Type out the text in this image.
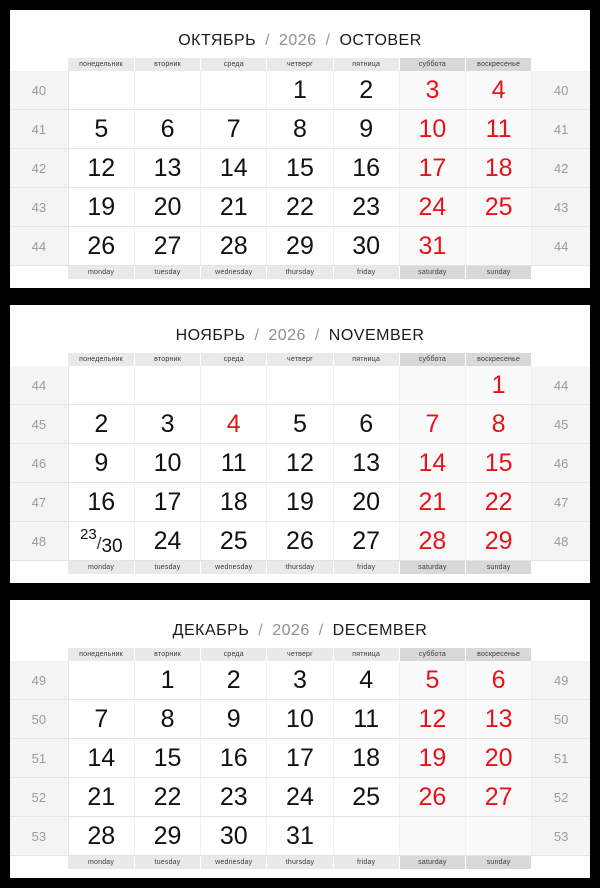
ОКТЯБРЬ / 2026 / OCTOBER
	понедельник	вторник	среда	четверг	пятница	суббота	воскресенье	
40				1	2	3	4	40
41	5	6	7	8	9	10	11	41
42	12	13	14	15	16	17	18	42
43	19	20	21	22	23	24	25	43
44	26	27	28	29	30	31		44
	monday	tuesday	wednesday	thursday	friday	saturday	sunday	
НОЯБРЬ / 2026 / NOVEMBER
	понедельник	вторник	среда	четверг	пятница	суббота	воскресенье	
44							1	44
45	2	3	4	5	6	7	8	45
46	9	10	11	12	13	14	15	46
47	16	17	18	19	20	21	22	47
48	$^{23}$/30	24	25	26	27	28	29	48
	monday	tuesday	wednesday	thursday	friday	saturday	sunday	
ДЕКАБРЬ / 2026 / DECEMBER
	понедельник	вторник	среда	четверг	пятница	суббота	воскресенье	
49		1	2	3	4	5	6	49
50	7	8	9	10	11	12	13	50
51	14	15	16	17	18	19	20	51
52	21	22	23	24	25	26	27	52
53	28	29	30	31				53
	monday	tuesday	wednesday	thursday	friday	saturday	sunday	
